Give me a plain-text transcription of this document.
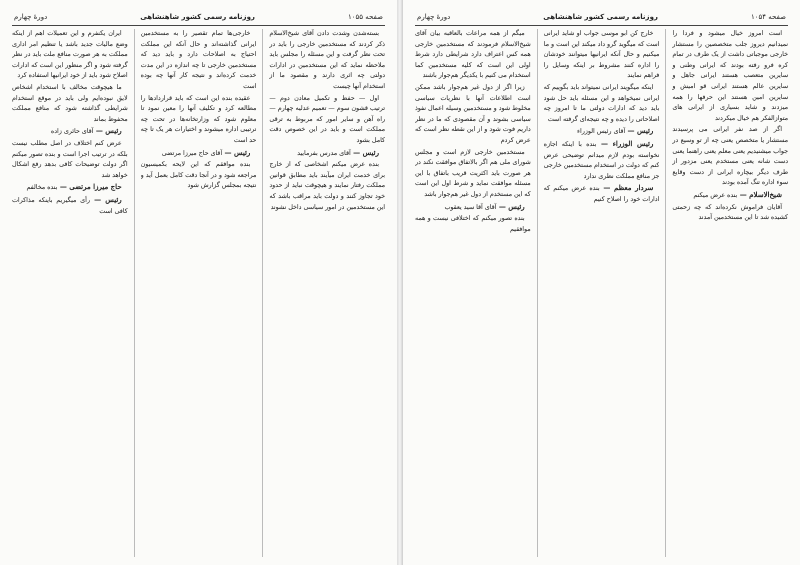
صفحه ۱۰۵۵
روزنامه رسمی کشور شاهنشاهی
دورهٔ چهارم

بسته‌شدن وشدت دادن آقای شیخ‌الاسلام ذکر کردند که مستخدمین خارجی را باید در تحت نظر گرفت و این مسئله را مجلس باید ملاحظه نماید که این مستخدمین در ادارات دولتی چه اثری دارند و مقصود ما از استخدام آنها چیست

اول — حفظ و تکمیل معادن دوم — ترتیب قشون سوم — تعمیم عدلیه چهارم — راه آهن و سایر امور که مربوط به ترقی مملکت است و باید در این خصوص دقت کامل بشود

رئیس — آقای مدرس بفرمایید

بنده عرض میکنم اشخاصی که از خارج برای خدمت ایران میآیند باید مطابق قوانین مملکت رفتار نمایند و هیچوقت نباید از حدود خود تجاوز کنند و دولت باید مراقب باشد که این مستخدمین در امور سیاسی داخل نشوند

خارجی‌ها تمام تقصیر را به مستخدمین ایرانی گذاشته‌اند و حال آنکه این مملکت احتیاج به اصلاحات دارد و باید دید که مستخدمین خارجی تا چه اندازه در این مدت خدمت کرده‌اند و نتیجه کار آنها چه بوده است

عقیده بنده این است که باید قراردادها را مطالعه کرد و تکلیف آنها را معین نمود تا معلوم شود که وزارتخانه‌ها در تحت چه ترتیبی اداره میشوند و اختیارات هر یک تا چه حد است

رئیس — آقای حاج میرزا مرتضی

بنده موافقم که این لایحه بکمیسیون مراجعه شود و در آنجا دقت کامل بعمل آید و نتیجه بمجلس گزارش شود

ایران یکنفرم و این تعمیلات اهم از اینکه وضع مالیات جدید باشد یا تنظیم امر اداری مملکت به هر صورت منافع ملت باید در نظر گرفته شود و اگر منظور این است که ادارات اصلاح شود باید از خود ایرانیها استفاده کرد

ما هیچوقت مخالف با استخدام اشخاص لایق نبوده‌ایم ولی باید در موقع استخدام شرایطی گذاشته شود که منافع مملکت محفوظ بماند

رئیس — آقای حائری زاده

عرض کنم اختلاف در اصل مطلب نیست بلکه در ترتیب اجرا است و بنده تصور میکنم اگر دولت توضیحات کافی بدهد رفع اشکال خواهد شد

حاج میرزا مرتضی — بنده مخالفم

رئیس — رأی میگیریم باینکه مذاکرات کافی است

صفحه ۱۰۵۴
روزنامه رسمی کشور شاهنشاهی
دورهٔ چهارم

است امروز خیال میشود و فردا را نمیدانیم دیروز جلب متخصصین را مستشار خارجی موجباتی داشت از یک طرف در تمام کره فرو رفته بودند که ایرانی وطنی و سایرین متعصب هستند ایرانی جاهل و سایرین عالم هستند ایرانی قو امیش و سایرین امین هستند این حرفها را همه میزدند و شاید بسیاری از ایرانی های متوازالفکر هم خیال میکردند

اگر از صد نفر ایرانی می پرسیدند مستشار یا متخصص یعنی چه از تو وسیع در جواب میشنیدیم یعنی معلم یعنی راهنما یعنی دست شانه یعنی مستخدم یعنی مزدور از طرف دیگر بیچاره ایرانی از دست وقایع سوء اداره تنگ آمده بودند

شیخ‌الاسلام — بنده عرض میکنم

آقایان فراموش نکرده‌اند که چه زحمتی کشیده شد تا این مستخدمین آمدند

خارج کن ابو موسی جواب او شاید ایرانی است که میگوید گرو داد میکند این است و ما میکنیم و حال آنکه ایرانیها میتوانند خودشان را اداره کنند مشروط بر اینکه وسایل را فراهم نمایند

اینکه میگویند ایرانی نمیتواند باید بگوییم که ایرانی نمیخواهد و این مسئله باید حل شود باید دید که ادارات دولتی ما تا امروز چه اصلاحاتی را دیده و چه نتیجه‌ای گرفته است

رئیس — آقای رئیس الوزراء

رئیس الوزراء — بنده با اینکه اجازه نخواسته بودم لازم میدانم توضیحی عرض کنم که دولت در استخدام مستخدمین خارجی جز منافع مملکت نظری ندارد

سردار معظم — بنده عرض میکنم که ادارات خود را اصلاح کنیم

میگم از همه مراعات بالعاقبه بیان آقای شیخ‌الاسلام فرمودند که مستخدمین خارجی همه کس اعتراف دارد شرایطی دارد شرط اولی این است که کلیه مستخدمین کما استخدام می کنیم با یکدیگر هم‌جوار باشند

زیرا اگر از دول غیر هم‌جوار باشد ممکن است اطلاعات آنها با نظریات سیاسی مخلوط شود و مستخدمین وسیله اعمال نفوذ سیاسی بشوند و آن مقصودی که ما در نظر داریم فوت شود و از این نقطه نظر است که عرض کردم

مستخدمین خارجی لازم است و مجلس شورای ملی هم اگر بالاتفاق موافقت نکند در هر صورت باید اکثریت قریب باتفاق با این مسئله موافقت نماید و شرط اول این است که این مستخدم از دول غیر هم‌جوار باشد

رئیس — آقای آقا سید یعقوب

بنده تصور میکنم که اختلافی نیست و همه موافقیم
